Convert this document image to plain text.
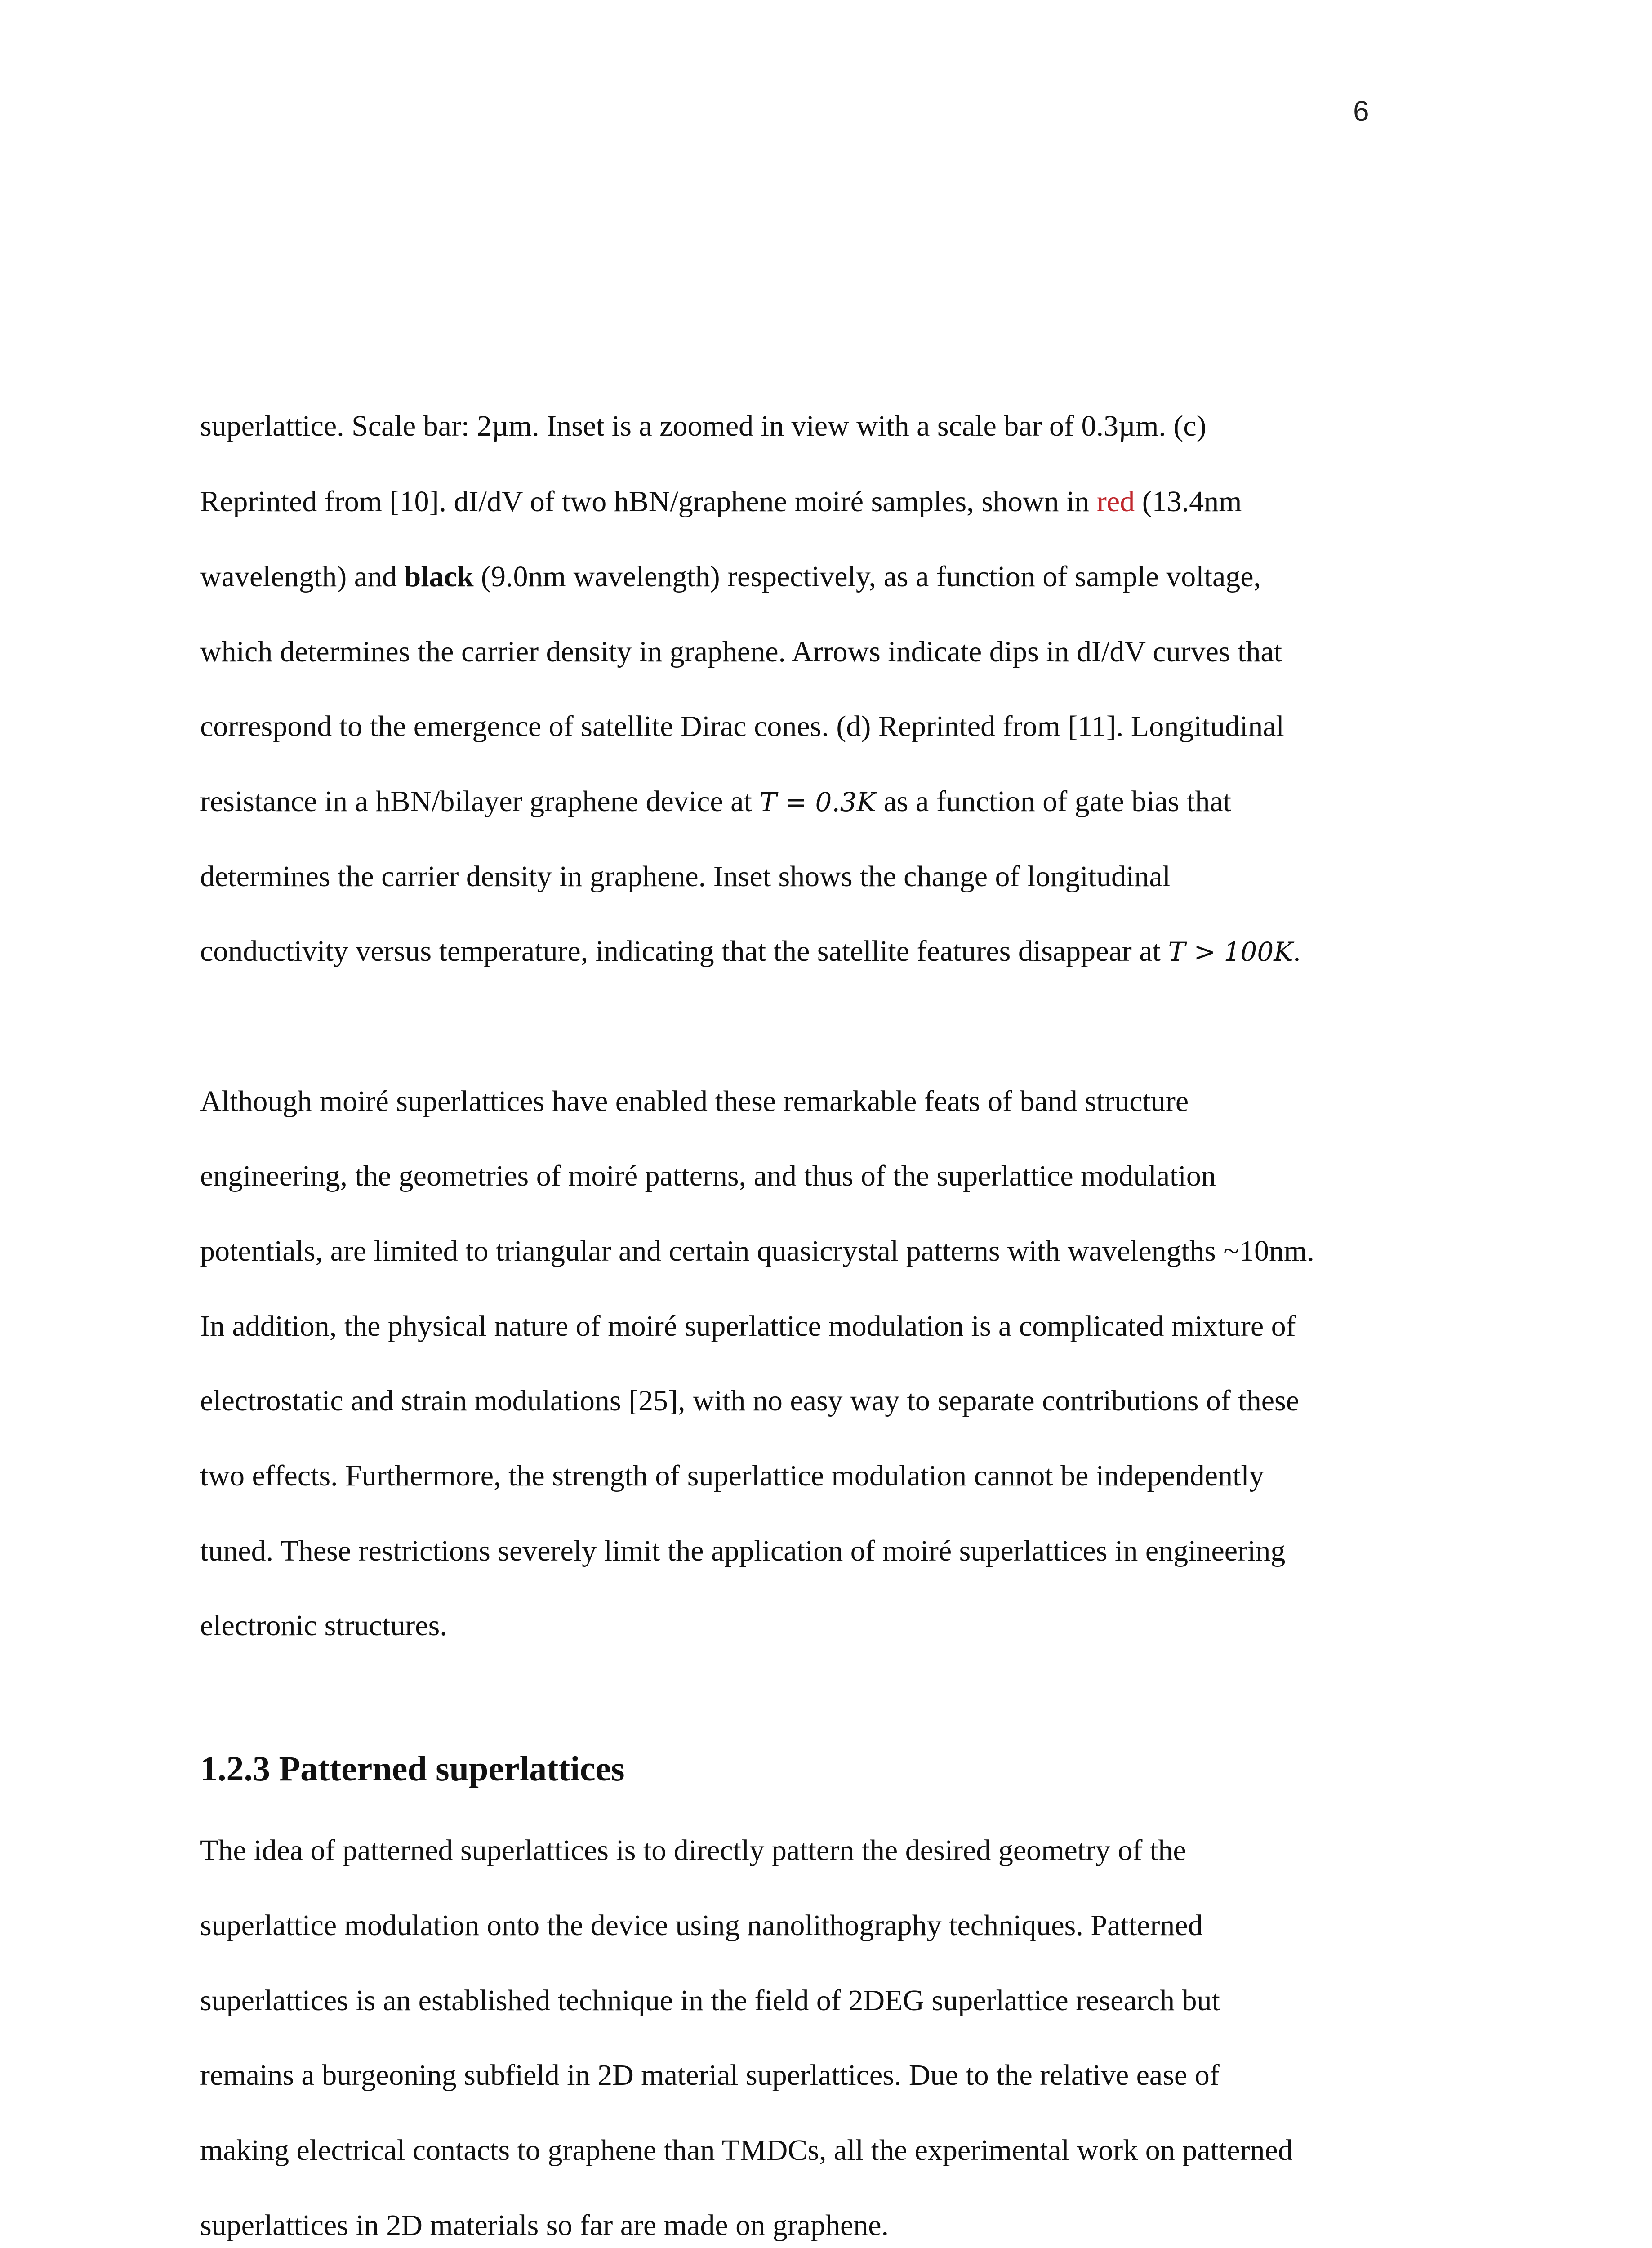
6
superlattice. Scale bar: 2µm. Inset is a zoomed in view with a scale bar of 0.3µm. (c)
Reprinted from [10]. dI/dV of two hBN/graphene moiré samples, shown in red (13.4nm
wavelength) and black (9.0nm wavelength) respectively, as a function of sample voltage,
which determines the carrier density in graphene. Arrows indicate dips in dI/dV curves that
correspond to the emergence of satellite Dirac cones. (d) Reprinted from [11]. Longitudinal
resistance in a hBN/bilayer graphene device at T = 0.3K as a function of gate bias that
determines the carrier density in graphene. Inset shows the change of longitudinal
conductivity versus temperature, indicating that the satellite features disappear at T > 100K.
Although moiré superlattices have enabled these remarkable feats of band structure
engineering, the geometries of moiré patterns, and thus of the superlattice modulation
potentials, are limited to triangular and certain quasicrystal patterns with wavelengths ~10nm.
In addition, the physical nature of moiré superlattice modulation is a complicated mixture of
electrostatic and strain modulations [25], with no easy way to separate contributions of these
two effects. Furthermore, the strength of superlattice modulation cannot be independently
tuned. These restrictions severely limit the application of moiré superlattices in engineering
electronic structures.
1.2.3 Patterned superlattices
The idea of patterned superlattices is to directly pattern the desired geometry of the
superlattice modulation onto the device using nanolithography techniques. Patterned
superlattices is an established technique in the field of 2DEG superlattice research but
remains a burgeoning subfield in 2D material superlattices. Due to the relative ease of
making electrical contacts to graphene than TMDCs, all the experimental work on patterned
superlattices in 2D materials so far are made on graphene.
